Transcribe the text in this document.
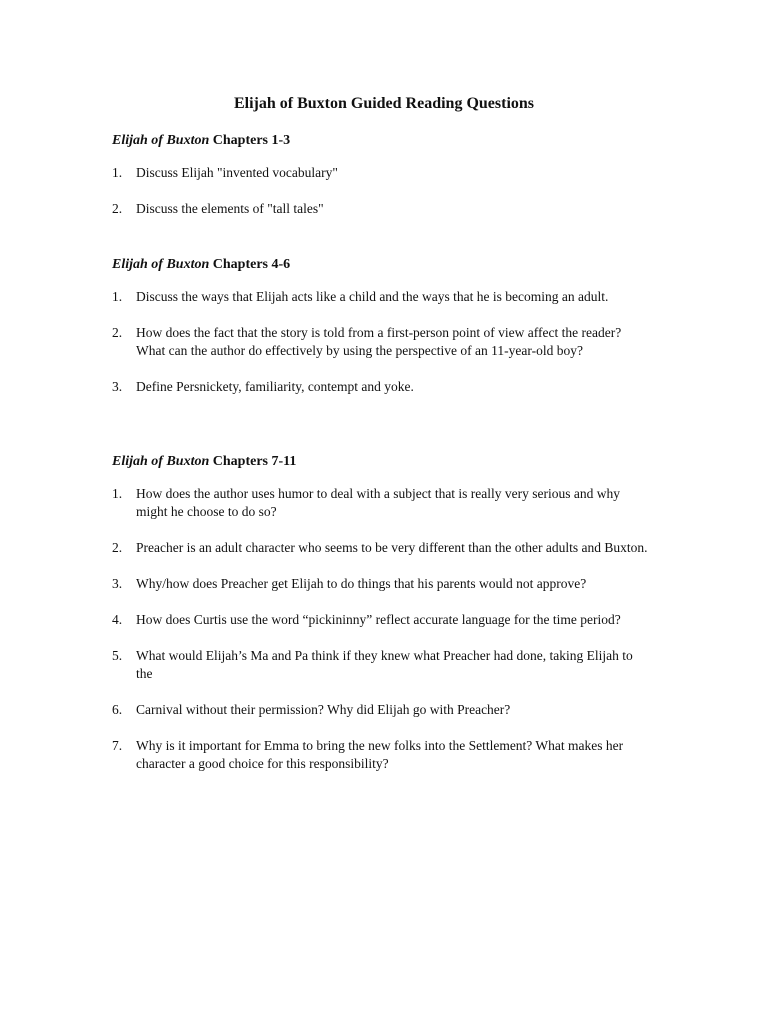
Elijah of Buxton Guided Reading Questions
Elijah of Buxton Chapters 1-3
1. Discuss Elijah "invented vocabulary"
2. Discuss the elements of "tall tales"
Elijah of Buxton Chapters 4-6
1. Discuss the ways that Elijah acts like a child and the ways that he is becoming an adult.
2. How does the fact that the story is told from a first-person point of view affect the reader? What can the author do effectively by using the perspective of an 11-year-old boy?
3. Define Persnickety, familiarity, contempt and yoke.
Elijah of Buxton Chapters 7-11
1. How does the author uses humor to deal with a subject that is really very serious and why might he choose to do so?
2. Preacher is an adult character who seems to be very different than the other adults and Buxton.
3. Why/how does Preacher get Elijah to do things that his parents would not approve?
4. How does Curtis use the word “pickininny” reflect accurate language for the time period?
5. What would Elijah’s Ma and Pa think if they knew what Preacher had done, taking Elijah to the
6. Carnival without their permission? Why did Elijah go with Preacher?
7. Why is it important for Emma to bring the new folks into the Settlement? What makes her character a good choice for this responsibility?
